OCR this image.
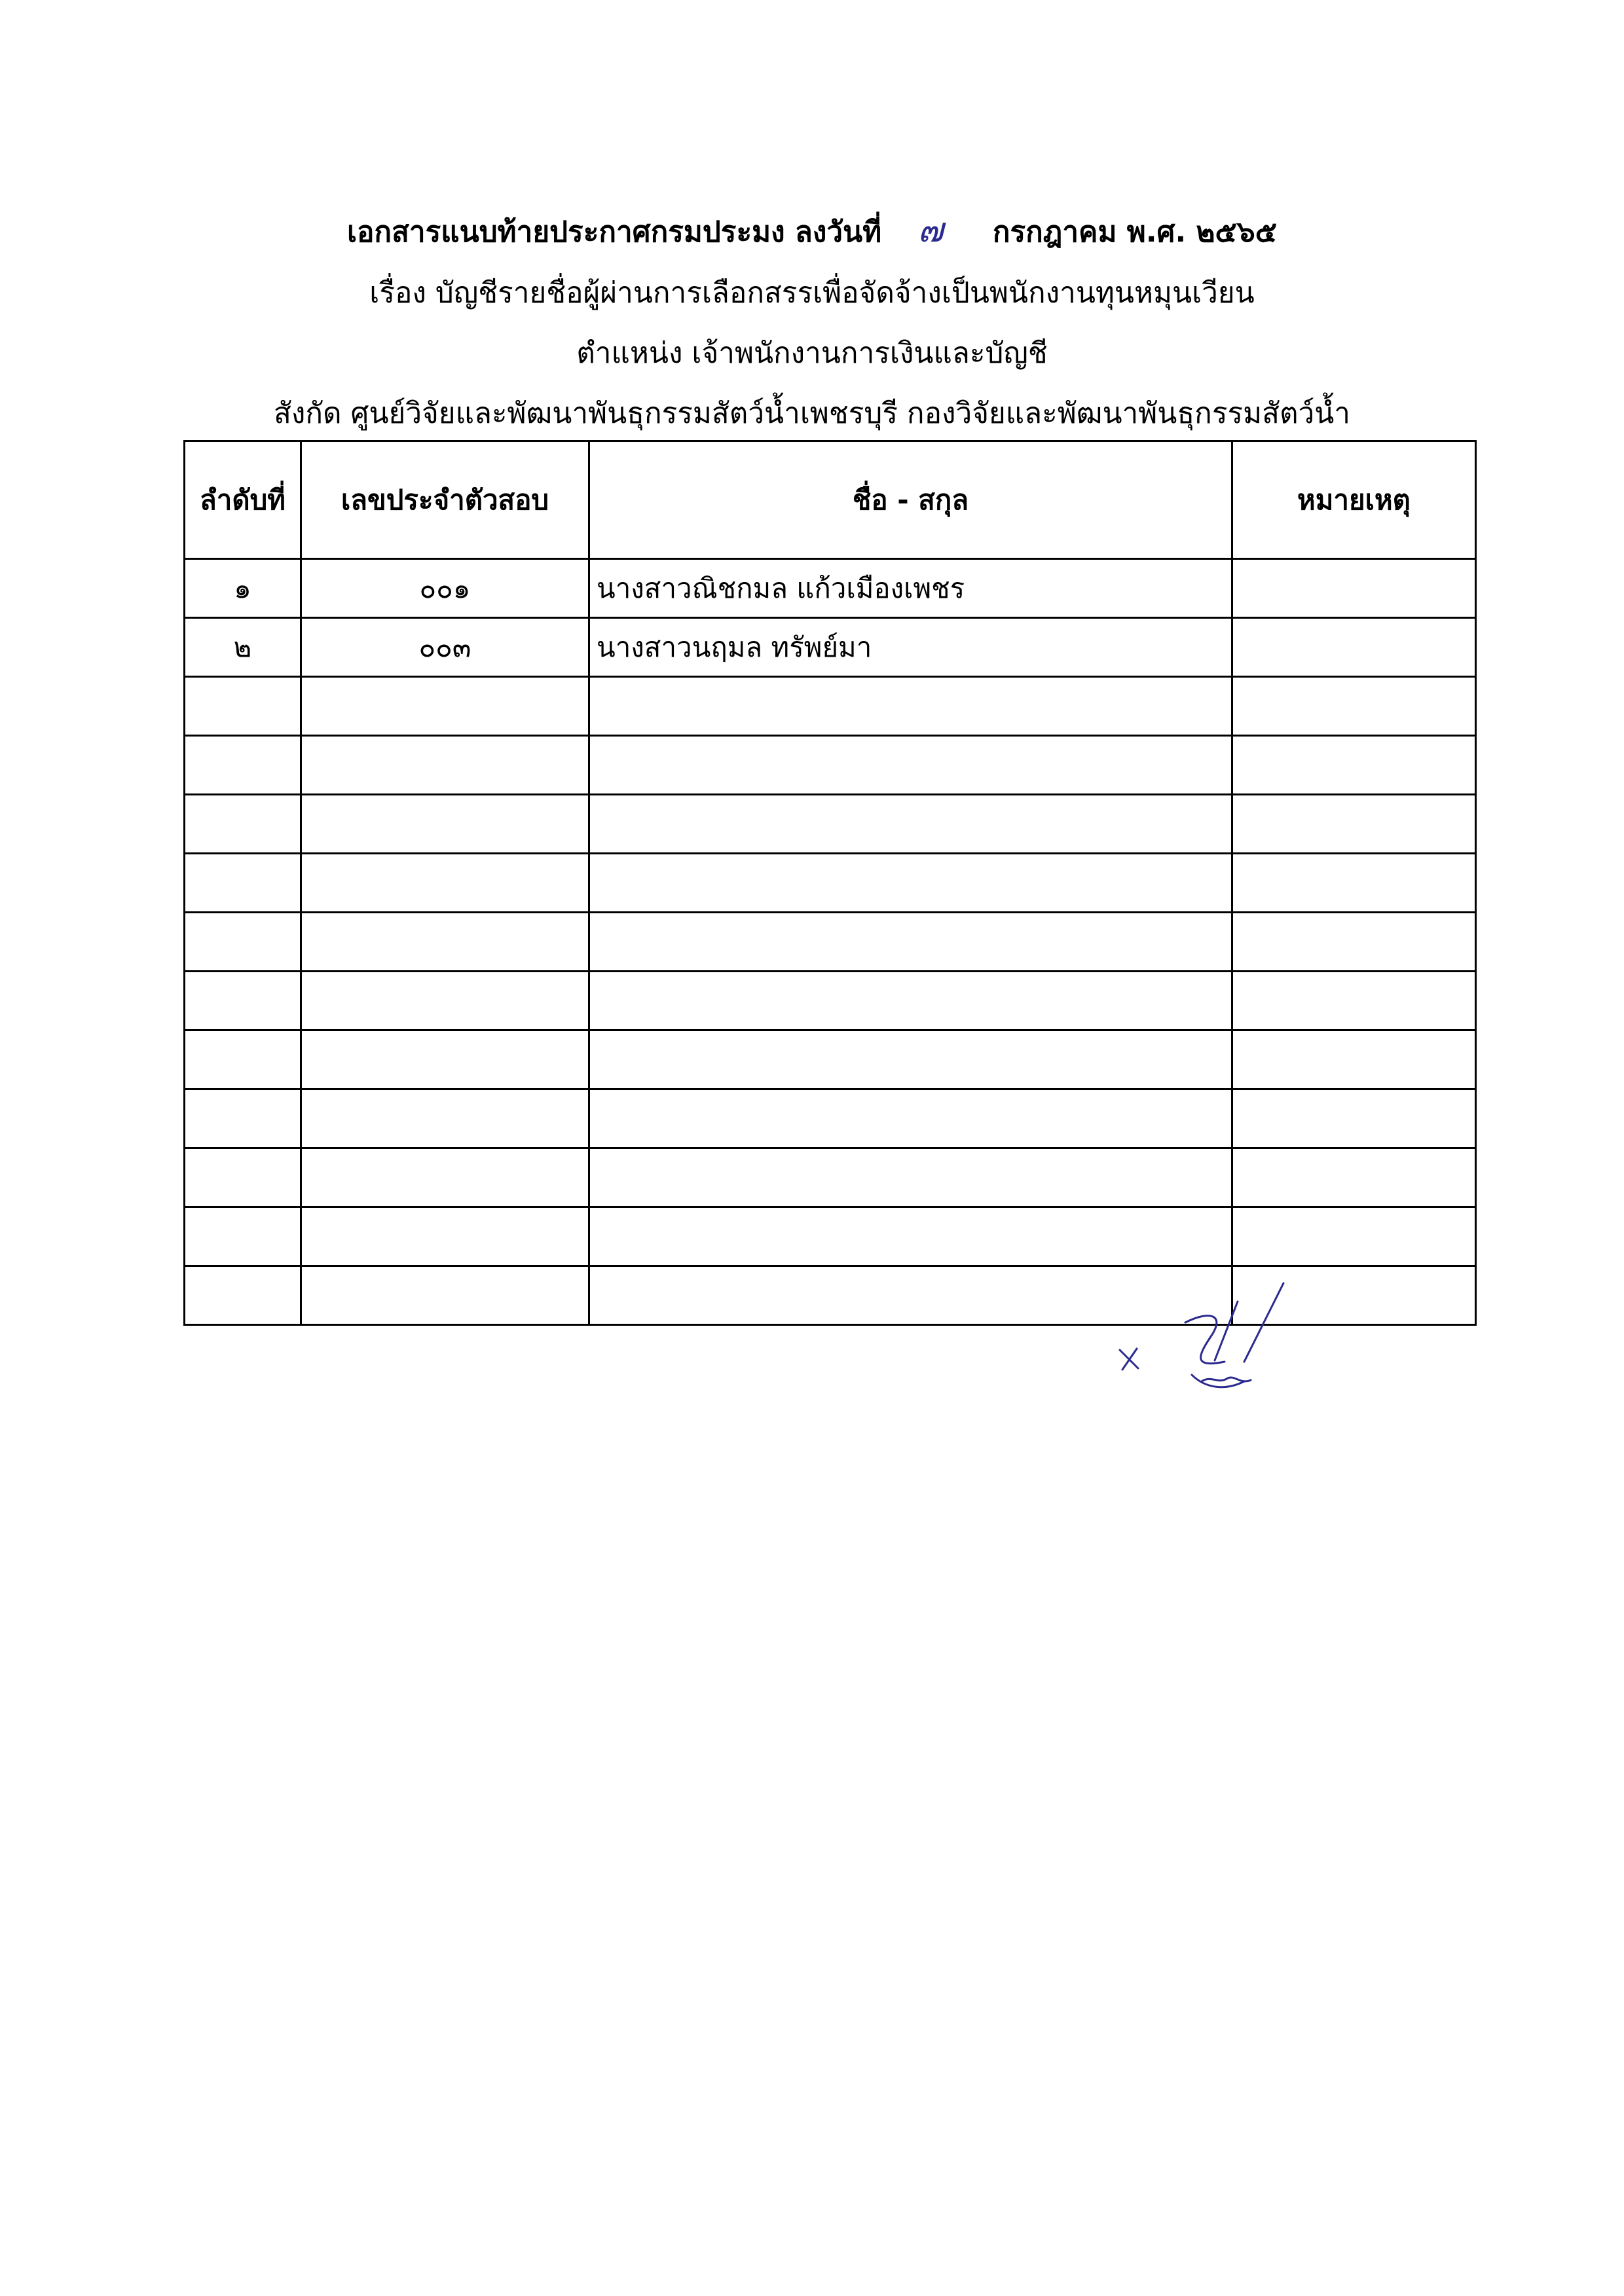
เอกสารแนบท้ายประกาศกรมประมง ลงวันที่ ๗ กรกฎาคม พ.ศ. ๒๕๖๕
เรื่อง บัญชีรายชื่อผู้ผ่านการเลือกสรรเพื่อจัดจ้างเป็นพนักงานทุนหมุนเวียน
ตำแหน่ง เจ้าพนักงานการเงินและบัญชี
สังกัด ศูนย์วิจัยและพัฒนาพันธุกรรมสัตว์น้ำเพชรบุรี กองวิจัยและพัฒนาพันธุกรรมสัตว์น้ำ
ลำดับที่	เลขประจำตัวสอบ	ชื่อ - สกุล	หมายเหตุ
๑	๐๐๑	นางสาวณิชกมล แก้วเมืองเพชร	
๒	๐๐๓	นางสาวนฤมล ทรัพย์มา	
